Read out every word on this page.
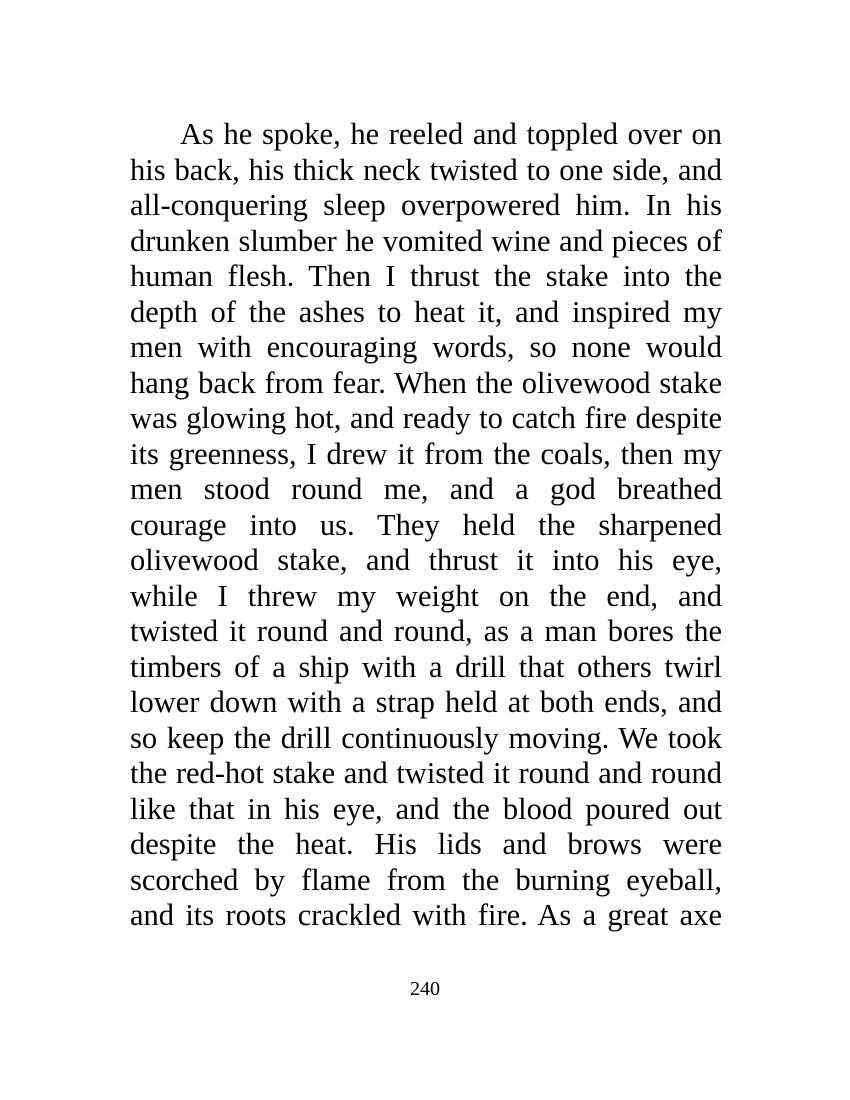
As he spoke, he reeled and toppled over on
his back, his thick neck twisted to one side, and
all-conquering sleep overpowered him. In his
drunken slumber he vomited wine and pieces of
human flesh. Then I thrust the stake into the
depth of the ashes to heat it, and inspired my
men with encouraging words, so none would
hang back from fear. When the olivewood stake
was glowing hot, and ready to catch fire despite
its greenness, I drew it from the coals, then my
men stood round me, and a god breathed
courage into us. They held the sharpened
olivewood stake, and thrust it into his eye,
while I threw my weight on the end, and
twisted it round and round, as a man bores the
timbers of a ship with a drill that others twirl
lower down with a strap held at both ends, and
so keep the drill continuously moving. We took
the red-hot stake and twisted it round and round
like that in his eye, and the blood poured out
despite the heat. His lids and brows were
scorched by flame from the burning eyeball,
and its roots crackled with fire. As a great axe
240
